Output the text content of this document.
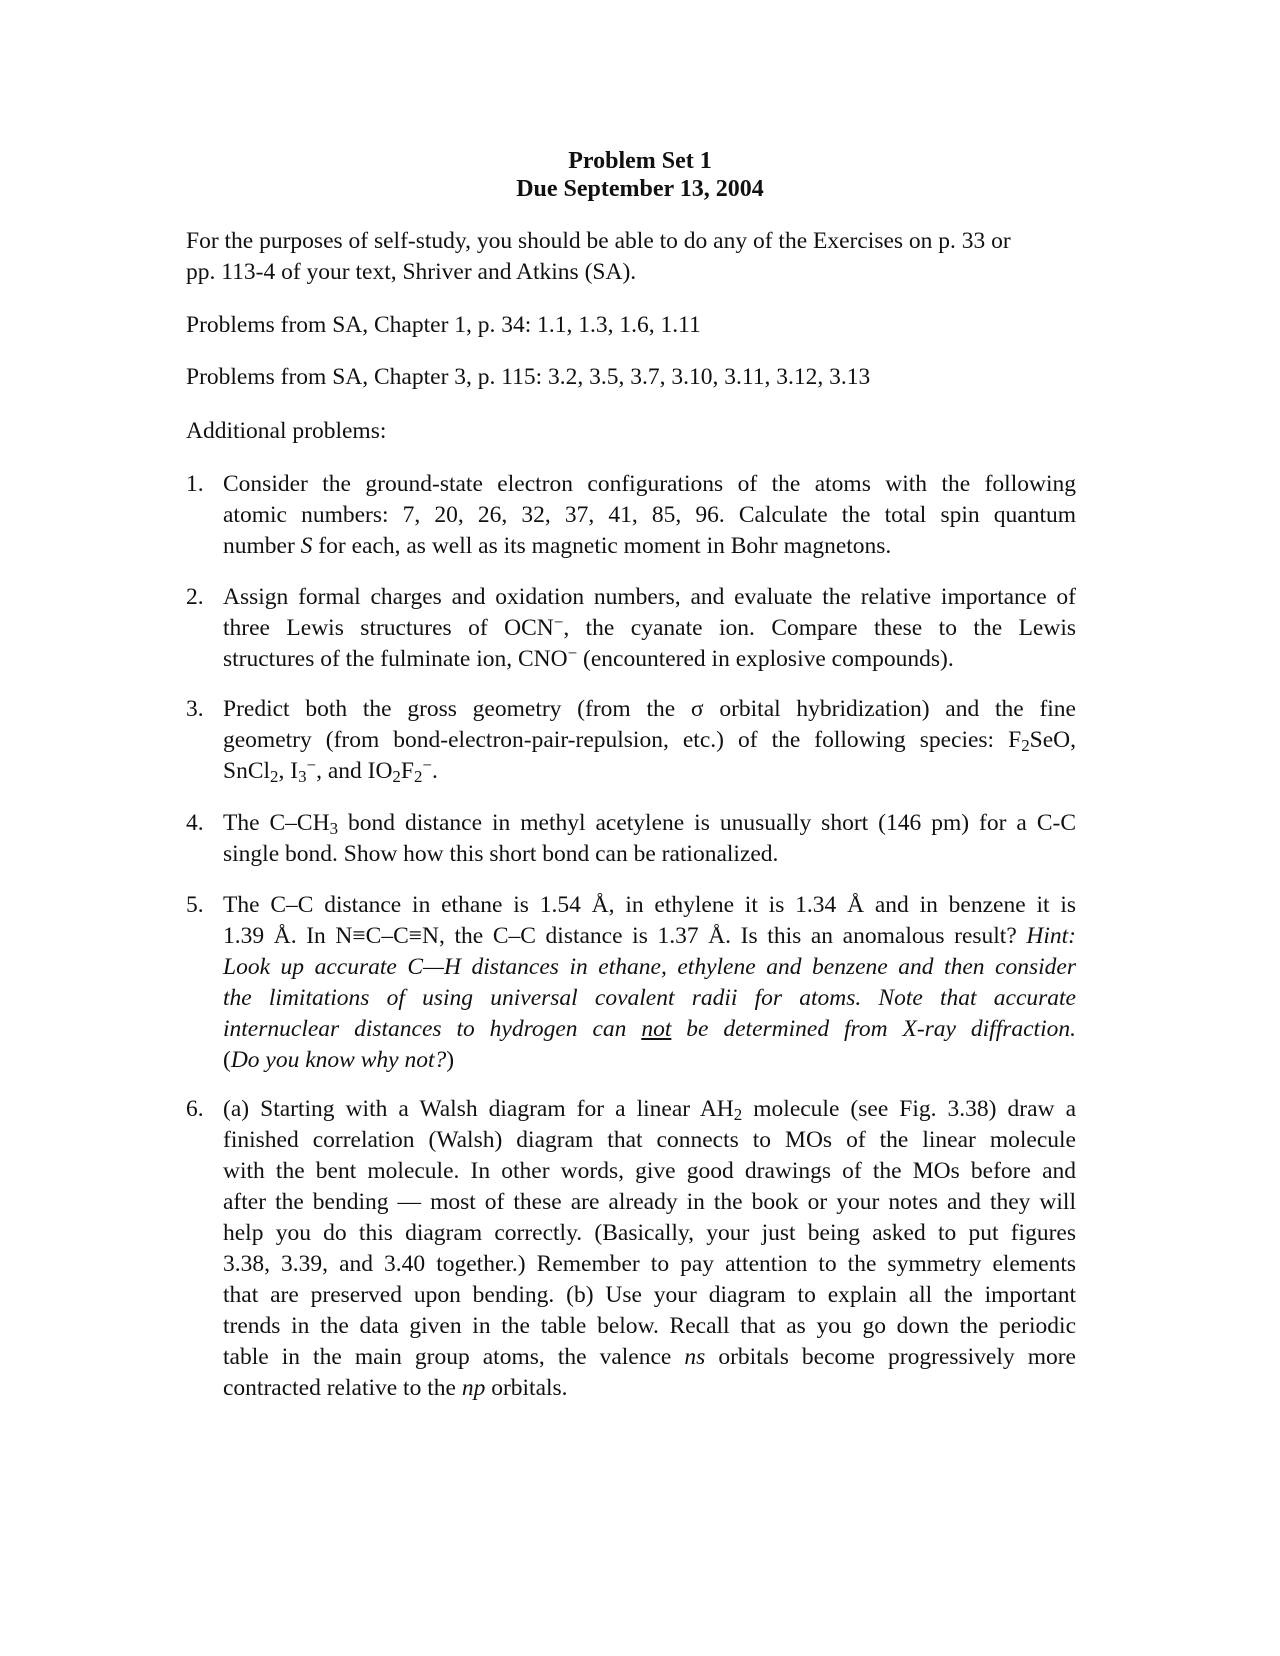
Problem Set 1
Due September 13, 2004
For the purposes of self-study, you should be able to do any of the Exercises on p. 33 or
pp. 113-4 of your text, Shriver and Atkins (SA).
Problems from SA, Chapter 1, p. 34: 1.1, 1.3, 1.6, 1.11
Problems from SA, Chapter 3, p. 115: 3.2, 3.5, 3.7, 3.10, 3.11, 3.12, 3.13
Additional problems:
1. Consider the ground-state electron configurations of the atoms with the following
atomic numbers: 7, 20, 26, 32, 37, 41, 85, 96. Calculate the total spin quantum
number S for each, as well as its magnetic moment in Bohr magnetons.
2. Assign formal charges and oxidation numbers, and evaluate the relative importance of
three Lewis structures of OCN−, the cyanate ion. Compare these to the Lewis
structures of the fulminate ion, CNO− (encountered in explosive compounds).
3. Predict both the gross geometry (from the σ orbital hybridization) and the fine
geometry (from bond-electron-pair-repulsion, etc.) of the following species: $F_2SeO$,
SnCl$_2$, $I_3^-$, and $IO_2F_2^-$.
4. The $C-CH_3$ bond distance in methyl acetylene is unusually short (146 pm) for a C-C
single bond. Show how this short bond can be rationalized.
5. The C–C distance in ethane is 1.54 Å, in ethylene it is 1.34 Å and in benzene it is
1.39 Å. In N≡C–C≡N, the C–C distance is 1.37 Å. Is this an anomalous result? Hint:
Look up accurate C—H distances in ethane, ethylene and benzene and then consider
the limitations of using universal covalent radii for atoms. Note that accurate
internuclear distances to hydrogen can not be determined from X-ray diffraction.
(Do you know why not?)
6. (a) Starting with a Walsh diagram for a linear $AH_2$ molecule (see Fig. 3.38) draw a
finished correlation (Walsh) diagram that connects to MOs of the linear molecule
with the bent molecule. In other words, give good drawings of the MOs before and
after the bending — most of these are already in the book or your notes and they will
help you do this diagram correctly. (Basically, your just being asked to put figures
3.38, 3.39, and 3.40 together.) Remember to pay attention to the symmetry elements
that are preserved upon bending. (b) Use your diagram to explain all the important
trends in the data given in the table below. Recall that as you go down the periodic
table in the main group atoms, the valence ns orbitals become progressively more
contracted relative to the np orbitals.
